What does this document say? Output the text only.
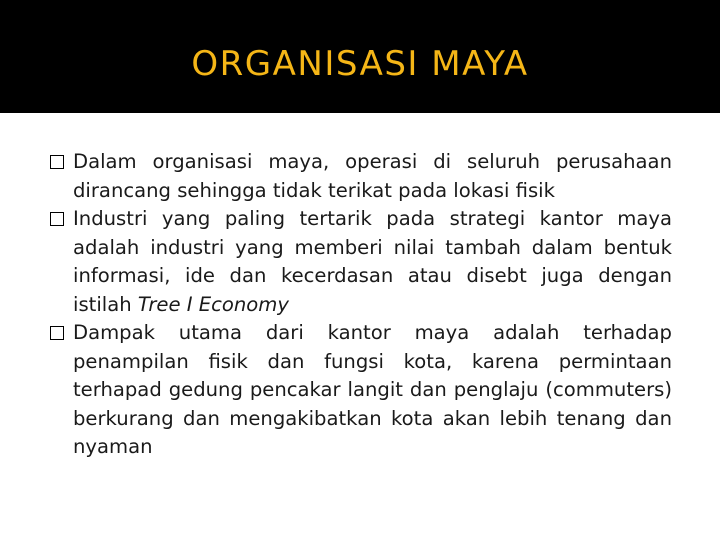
ORGANISASI MAYA

Dalam organisasi maya, operasi di seluruh perusahaan dirancang sehingga tidak terikat pada lokasi fisik

Industri yang paling tertarik pada strategi kantor maya adalah industri yang memberi nilai tambah dalam bentuk informasi, ide dan kecerdasan atau disebt juga dengan istilah Tree I Economy

Dampak utama dari kantor maya adalah terhadap penampilan fisik dan fungsi kota, karena permintaan terhapad gedung pencakar langit dan penglaju (commuters) berkurang dan mengakibatkan kota akan lebih tenang dan nyaman
